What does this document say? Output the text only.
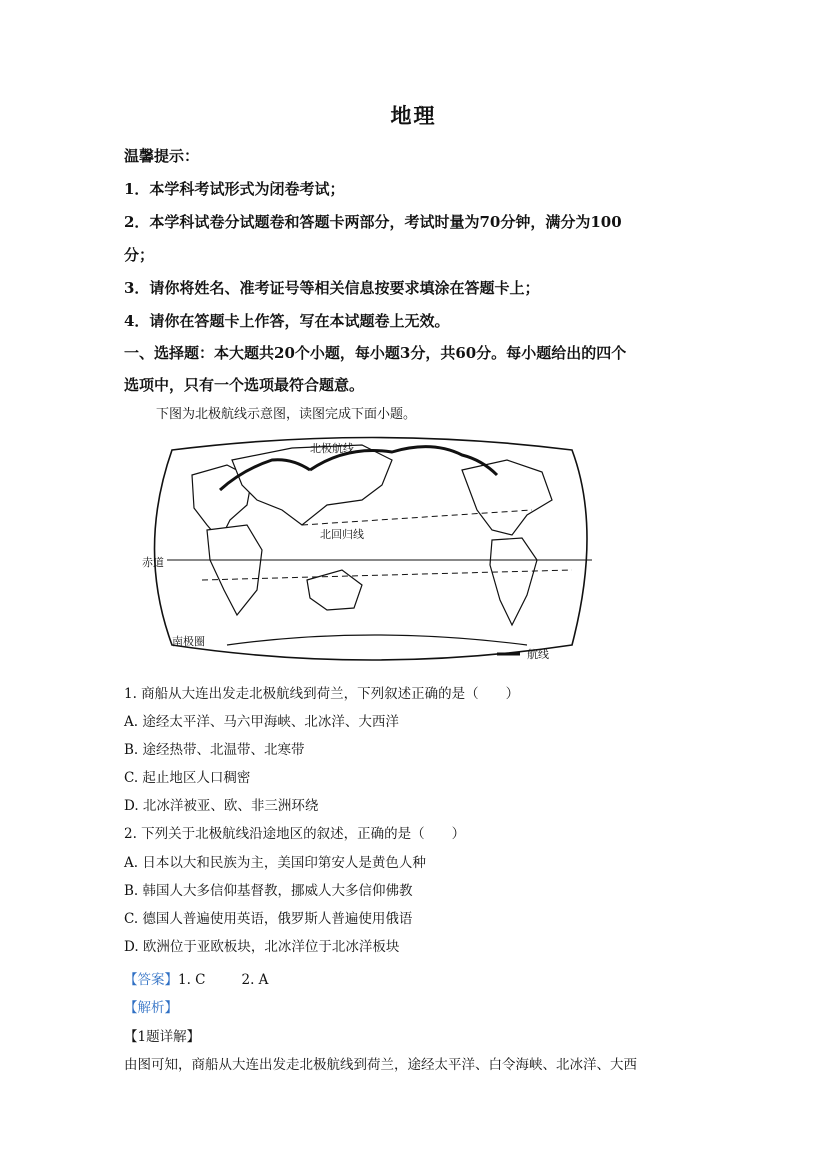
地理
温馨提示：
1．本学科考试形式为闭卷考试；
2．本学科试卷分试题卷和答题卡两部分，考试时量为70分钟，满分为100
分；
3．请你将姓名、准考证号等相关信息按要求填涂在答题卡上；
4．请你在答题卡上作答，写在本试题卷上无效。
一、选择题：本大题共20个小题，每小题3分，共60分。每小题给出的四个
选项中，只有一个选项最符合题意。
下图为北极航线示意图，读图完成下面小题。
北极航线
北回归线
赤道
南极圈
航线
1. 商船从大连出发走北极航线到荷兰，下列叙述正确的是（　　）
A. 途经太平洋、马六甲海峡、北冰洋、大西洋
B. 途经热带、北温带、北寒带
C. 起止地区人口稠密
D. 北冰洋被亚、欧、非三洲环绕
2. 下列关于北极航线沿途地区的叙述，正确的是（　　）
A. 日本以大和民族为主，美国印第安人是黄色人种
B. 韩国人大多信仰基督教，挪威人大多信仰佛教
C. 德国人普遍使用英语，俄罗斯人普遍使用俄语
D. 欧洲位于亚欧板块，北冰洋位于北冰洋板块
【答案】1. C	2. A
【解析】
【1题详解】
由图可知，商船从大连出发走北极航线到荷兰，途经太平洋、白令海峡、北冰洋、大西
